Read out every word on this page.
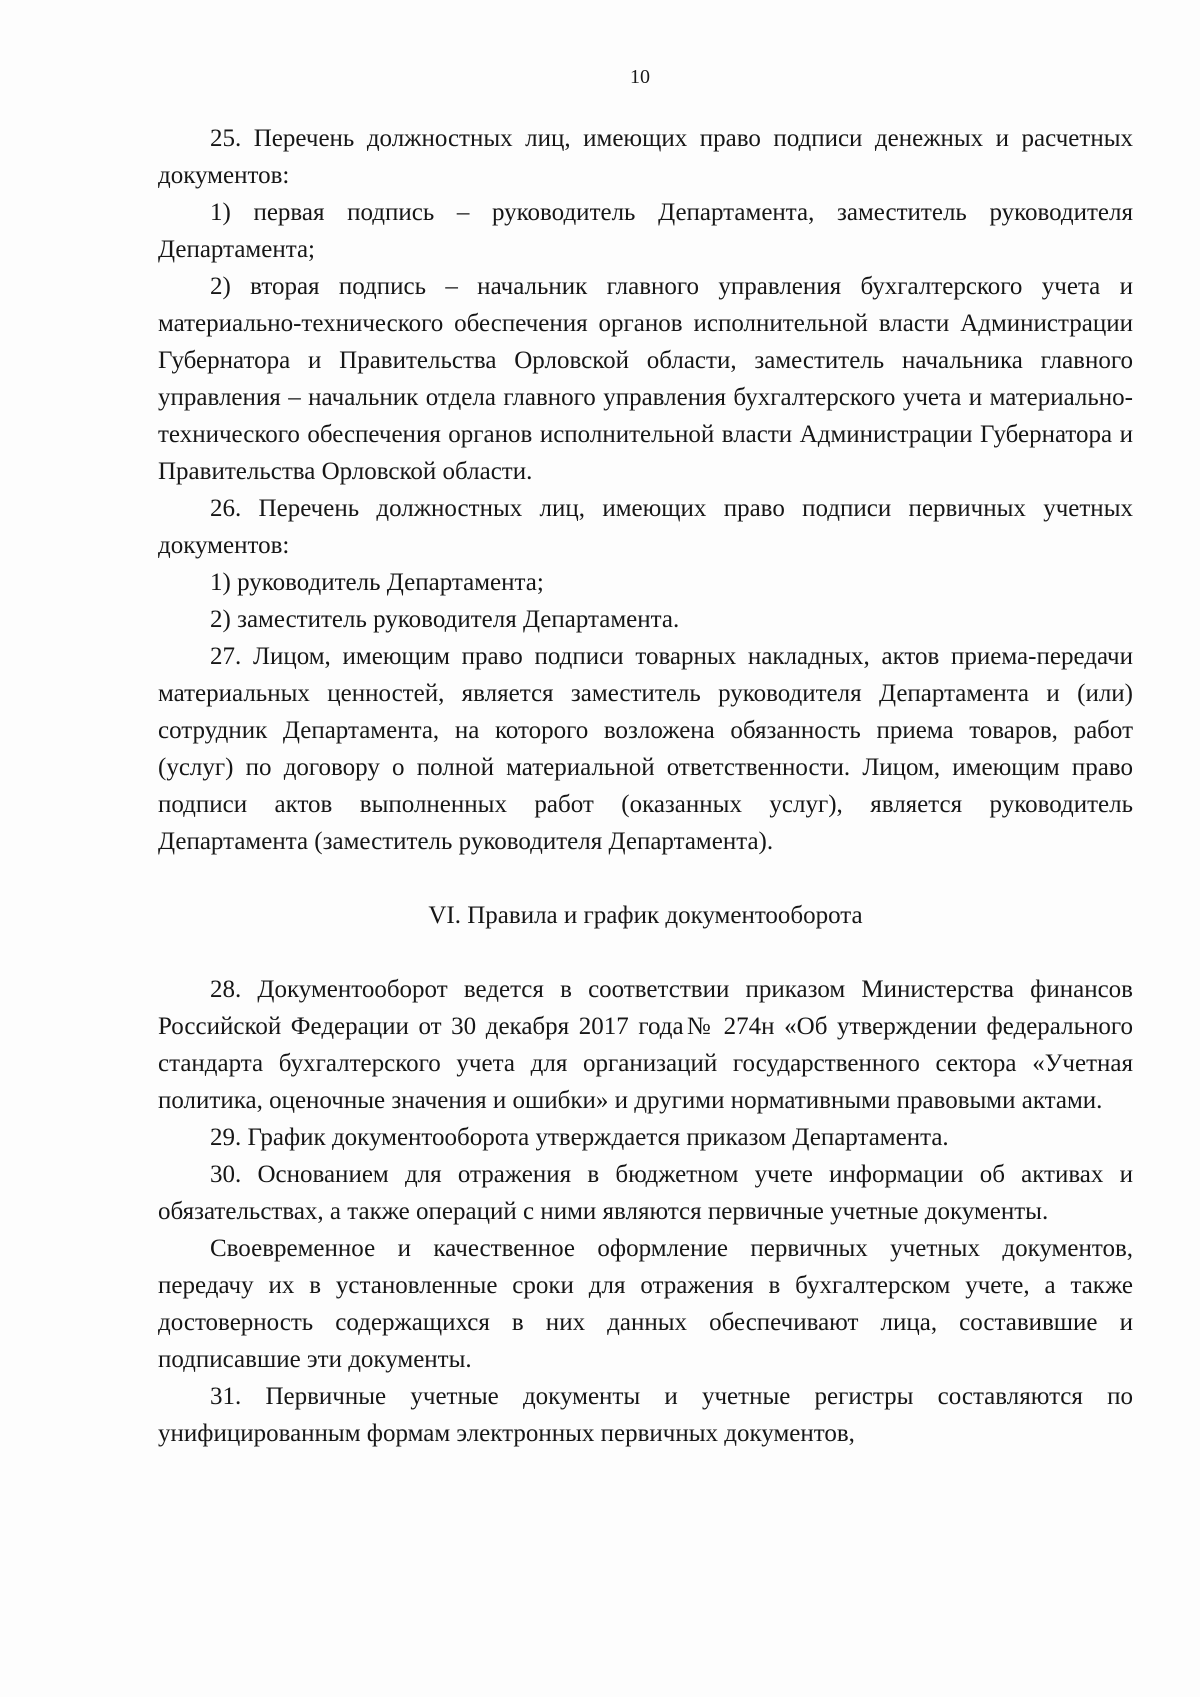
10

25. Перечень должностных лиц, имеющих право подписи денежных и расчетных документов:

1) первая подпись – руководитель Департамента, заместитель руководителя Департамента;

2) вторая подпись – начальник главного управления бухгалтерского учета и материально-технического обеспечения органов исполнительной власти Администрации Губернатора и Правительства Орловской области, заместитель начальника главного управления – начальник отдела главного управления бухгалтерского учета и материально-технического обеспечения органов исполнительной власти Администрации Губернатора и Правительства Орловской области.

26. Перечень должностных лиц, имеющих право подписи первичных учетных документов:

1) руководитель Департамента;

2) заместитель руководителя Департамента.

27. Лицом, имеющим право подписи товарных накладных, актов приема-передачи материальных ценностей, является заместитель руководителя Департамента и (или) сотрудник Департамента, на которого возложена обязанность приема товаров, работ (услуг) по договору о полной материальной ответственности. Лицом, имеющим право подписи актов выполненных работ (оказанных услуг), является руководитель Департамента (заместитель руководителя Департамента).

VI. Правила и график документооборота

28. Документооборот ведется в соответствии приказом Министерства финансов Российской Федерации от 30 декабря 2017 года№ 274н «Об утверждении федерального стандарта бухгалтерского учета для организаций государственного сектора «Учетная политика, оценочные значения и ошибки» и другими нормативными правовыми актами.

29. График документооборота утверждается приказом Департамента.

30. Основанием для отражения в бюджетном учете информации об активах и обязательствах, а также операций с ними являются первичные учетные документы.

Своевременное и качественное оформление первичных учетных документов, передачу их в установленные сроки для отражения в бухгалтерском учете, а также достоверность содержащихся в них данных обеспечивают лица, составившие и подписавшие эти документы.

31. Первичные учетные документы и учетные регистры составляются по унифицированным формам электронных первичных документов,
